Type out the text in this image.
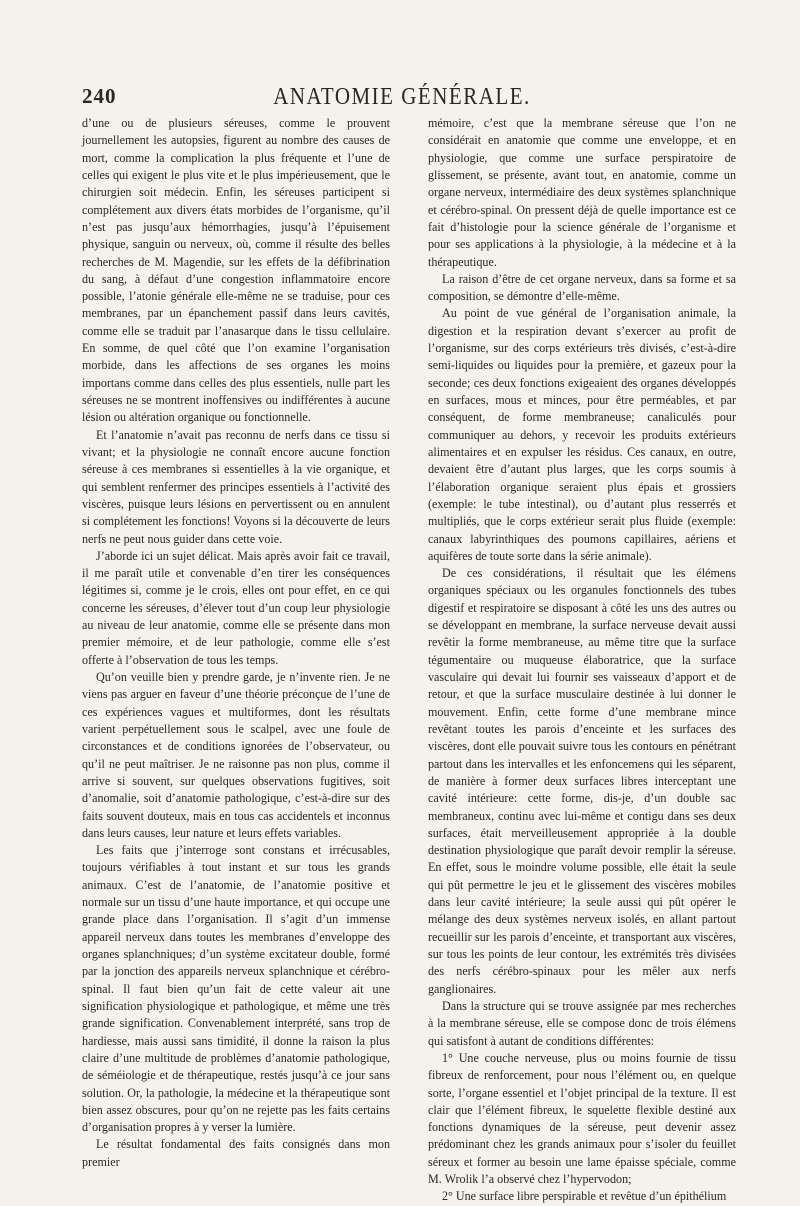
240	ANATOMIE GÉNÉRALE.

d’une ou de plusieurs séreuses, comme le prouvent journellement les autopsies, figurent au nombre des causes de mort, comme la complication la plus fréquente et l’une de celles qui exigent le plus vite et le plus impérieusement, que le chirurgien soit médecin. Enfin, les séreuses participent si complétement aux divers états morbides de l’organisme, qu’il n’est pas jusqu’aux hémorrhagies, jusqu’à l’épuisement physique, sanguin ou nerveux, où, comme il résulte des belles recherches de M. Magendie, sur les effets de la défibrination du sang, à défaut d’une congestion inflammatoire encore possible, l’atonie générale elle-même ne se traduise, pour ces membranes, par un épanchement passif dans leurs cavités, comme elle se traduit par l’anasarque dans le tissu cellulaire. En somme, de quel côté que l’on examine l’organisation morbide, dans les affections de ses organes les moins importans comme dans celles des plus essentiels, nulle part les séreuses ne se montrent inoffensives ou indifférentes à aucune lésion ou altération organique ou fonctionnelle.

Et l’anatomie n’avait pas reconnu de nerfs dans ce tissu si vivant; et la physiologie ne connaît encore aucune fonction séreuse à ces membranes si essentielles à la vie organique, et qui semblent renfermer des principes essentiels à l’activité des viscères, puisque leurs lésions en pervertissent ou en annulent si complétement les fonctions! Voyons si la découverte de leurs nerfs ne peut nous guider dans cette voie.

J’aborde ici un sujet délicat. Mais après avoir fait ce travail, il me paraît utile et convenable d’en tirer les conséquences légitimes si, comme je le crois, elles ont pour effet, en ce qui concerne les séreuses, d’élever tout d’un coup leur physiologie au niveau de leur anatomie, comme elle se présente dans mon premier mémoire, et de leur pathologie, comme elle s’est offerte à l’observation de tous les temps.

Qu’on veuille bien y prendre garde, je n’invente rien. Je ne viens pas arguer en faveur d’une théorie préconçue de l’une de ces expériences vagues et multiformes, dont les résultats varient perpétuellement sous le scalpel, avec une foule de circonstances et de conditions ignorées de l’observateur, ou qu’il ne peut maîtriser. Je ne raisonne pas non plus, comme il arrive si souvent, sur quelques observations fugitives, soit d’anomalie, soit d’anatomie pathologique, c’est-à-dire sur des faits souvent douteux, mais en tous cas accidentels et inconnus dans leurs causes, leur nature et leurs effets variables.

Les faits que j’interroge sont constans et irrécusables, toujours vérifiables à tout instant et sur tous les grands animaux. C’est de l’anatomie, de l’anatomie positive et normale sur un tissu d’une haute importance, et qui occupe une grande place dans l’organisation. Il s’agit d’un immense appareil nerveux dans toutes les membranes d’enveloppe des organes splanchniques; d’un système excitateur double, formé par la jonction des appareils nerveux splanchnique et cérébro-spinal. Il faut bien qu’un fait de cette valeur ait une signification physiologique et pathologique, et même une très grande signification. Convenablement interprété, sans trop de hardiesse, mais aussi sans timidité, il donne la raison la plus claire d’une multitude de problèmes d’anatomie pathologique, de séméiologie et de thérapeutique, restés jusqu’à ce jour sans solution. Or, la pathologie, la médecine et la thérapeutique sont bien assez obscures, pour qu’on ne rejette pas les faits certains d’organisation propres à y verser la lumière.

Le résultat fondamental des faits consignés dans mon premier

mémoire, c’est que la membrane séreuse que l’on ne considérait en anatomie que comme une enveloppe, et en physiologie, que comme une surface perspiratoire de glissement, se présente, avant tout, en anatomie, comme un organe nerveux, intermédiaire des deux systèmes splanchnique et cérébro-spinal. On pressent déjà de quelle importance est ce fait d’histologie pour la science générale de l’organisme et pour ses applications à la physiologie, à la médecine et à la thérapeutique.

La raison d’être de cet organe nerveux, dans sa forme et sa composition, se démontre d’elle-même.

Au point de vue général de l’organisation animale, la digestion et la respiration devant s’exercer au profit de l’organisme, sur des corps extérieurs très divisés, c’est-à-dire semi-liquides ou liquides pour la première, et gazeux pour la seconde; ces deux fonctions exigeaient des organes développés en surfaces, mous et minces, pour être perméables, et par conséquent, de forme membraneuse; canaliculés pour communiquer au dehors, y recevoir les produits extérieurs alimentaires et en expulser les résidus. Ces canaux, en outre, devaient être d’autant plus larges, que les corps soumis à l’élaboration organique seraient plus épais et grossiers (exemple: le tube intestinal), ou d’autant plus resserrés et multipliés, que le corps extérieur serait plus fluide (exemple: canaux labyrinthiques des poumons capillaires, aériens et aquifères de toute sorte dans la série animale).

De ces considérations, il résultait que les élémens organiques spéciaux ou les organules fonctionnels des tubes digestif et respiratoire se disposant à côté les uns des autres ou se développant en membrane, la surface nerveuse devait aussi revêtir la forme membraneuse, au même titre que la surface tégumentaire ou muqueuse élaboratrice, que la surface vasculaire qui devait lui fournir ses vaisseaux d’apport et de retour, et que la surface musculaire destinée à lui donner le mouvement. Enfin, cette forme d’une membrane mince revêtant toutes les parois d’enceinte et les surfaces des viscères, dont elle pouvait suivre tous les contours en pénétrant partout dans les intervalles et les enfoncemens qui les séparent, de manière à former deux surfaces libres interceptant une cavité intérieure: cette forme, dis-je, d’un double sac membraneux, continu avec lui-même et contigu dans ses deux surfaces, était merveilleusement appropriée à la double destination physiologique que paraît devoir remplir la séreuse. En effet, sous le moindre volume possible, elle était la seule qui pût permettre le jeu et le glissement des viscères mobiles dans leur cavité intérieure; la seule aussi qui pût opérer le mélange des deux systèmes nerveux isolés, en allant partout recueillir sur les parois d’enceinte, et transportant aux viscères, sur tous les points de leur contour, les extrémités très divisées des nerfs cérébro-spinaux pour les mêler aux nerfs ganglionaires.

Dans la structure qui se trouve assignée par mes recherches à la membrane séreuse, elle se compose donc de trois élémens qui satisfont à autant de conditions différentes:

1° Une couche nerveuse, plus ou moins fournie de tissu fibreux de renforcement, pour nous l’élément ou, en quelque sorte, l’organe essentiel et l’objet principal de la texture. Il est clair que l’élément fibreux, le squelette flexible destiné aux fonctions dynamiques de la séreuse, peut devenir assez prédominant chez les grands animaux pour s’isoler du feuillet séreux et former au besoin une lame épaisse spéciale, comme M. Wrolik l’a observé chez l’hypervodon;

2° Une surface libre perspirable et revêtue d’un épithélium
